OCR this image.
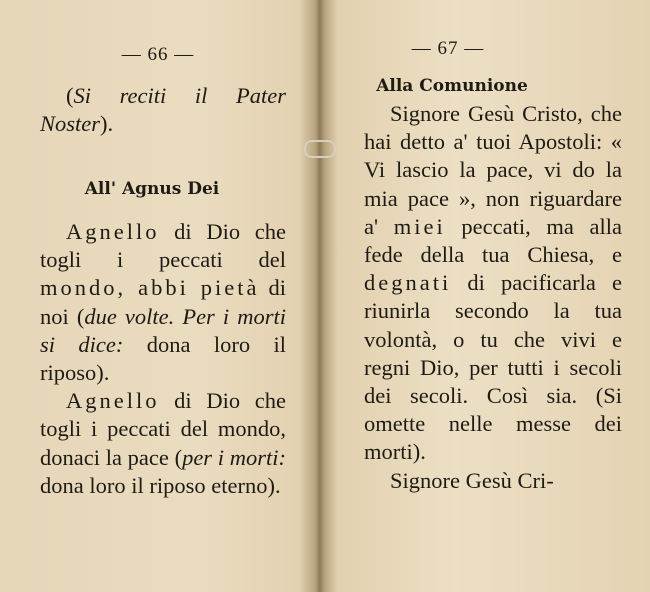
— 66 —

(Si reciti il Pater Noster).

All' Agnus Dei

Agnello di Dio che togli i peccati del mondo, abbi pietà di noi (due volte. Per i morti si dice: dona loro il riposo).

Agnello di Dio che togli i peccati del mondo, donaci la pace (per i morti: dona loro il riposo eterno).

— 67 —
Alla Comunione

Signore Gesù Cristo, che hai detto a' tuoi Apostoli: « Vi lascio la pace, vi do la mia pace », non riguardare a' miei peccati, ma alla fede della tua Chiesa, e degnati di pacificarla e riunirla secondo la tua volontà, o tu che vivi e regni Dio, per tutti i secoli dei secoli. Così sia. (Si omette nelle messe dei morti).

Signore Gesù Cri-
